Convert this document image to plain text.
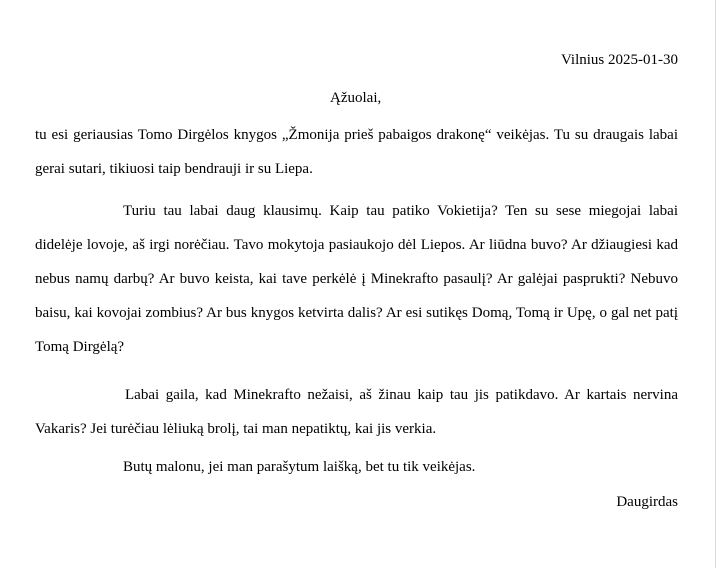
Vilnius 2025-01-30
Ąžuolai,

tu esi geriausias Tomo Dirgėlos knygos „Žmonija prieš pabaigos drakonę“ veikėjas. Tu su draugais labai gerai sutari, tikiuosi taip bendrauji ir su Liepa.

Turiu tau labai daug klausimų. Kaip tau patiko Vokietija? Ten su sese miegojai labai didelėje lovoje, aš irgi norėčiau. Tavo mokytoja pasiaukojo dėl Liepos. Ar liūdna buvo? Ar džiaugiesi kad nebus namų darbų? Ar buvo keista, kai tave perkėlė į Minekrafto pasaulį? Ar galėjai pasprukti? Nebuvo baisu, kai kovojai zombius? Ar bus knygos ketvirta dalis? Ar esi sutikęs Domą, Tomą ir Upę, o gal net patį Tomą Dirgėlą?

Labai gaila, kad Minekrafto nežaisi, aš žinau kaip tau jis patikdavo. Ar kartais nervina Vakaris? Jei turėčiau lėliuką brolį, tai man nepatiktų, kai jis verkia.

Butų malonu, jei man parašytum laišką, bet tu tik veikėjas.

Daugirdas
